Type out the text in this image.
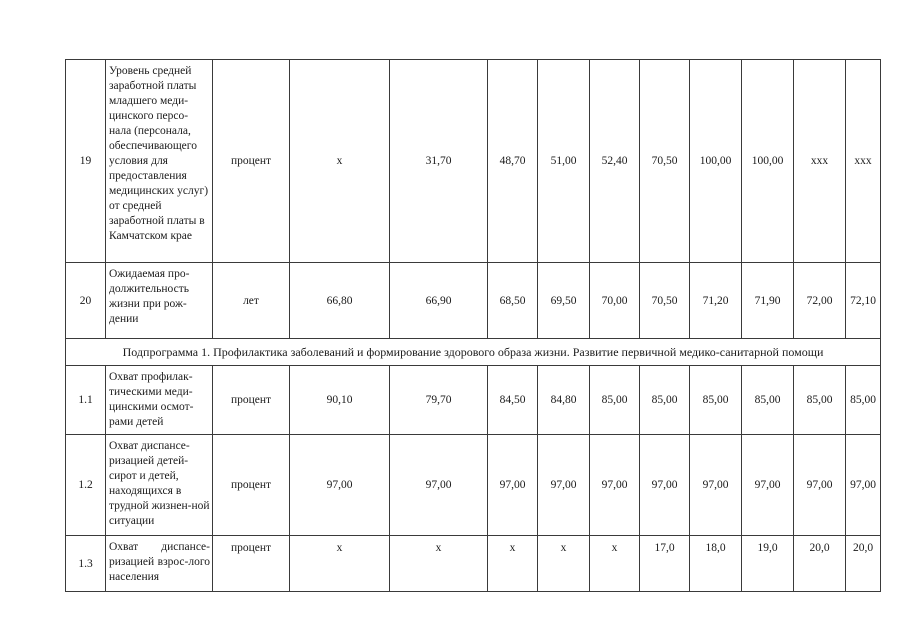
19	Уровень средней заработной платы младшего меди-цинского персо-нала (персонала, обеспечивающего условия для предоставления медицинских услуг) от средней заработной платы в Камчатском крае	процент	х	31,70	48,70	51,00	52,40	70,50	100,00	100,00	ххх	ххх
20	Ожидаемая про-должительность жизни при рож-дении	лет	66,80	66,90	68,50	69,50	70,00	70,50	71,20	71,90	72,00	72,10
Подпрограмма 1. Профилактика заболеваний и формирование здорового образа жизни. Развитие первичной медико-санитарной помощи												
1.1	Охват профилак-тическими меди-цинскими осмот-рами детей	процент	90,10	79,70	84,50	84,80	85,00	85,00	85,00	85,00	85,00	85,00
1.2	Охват диспансе-ризацией детей-сирот и детей, находящихся в трудной жизнен-ной ситуации	процент	97,00	97,00	97,00	97,00	97,00	97,00	97,00	97,00	97,00	97,00
1.3	Охват диспансе-ризацией взрос-лого населения	процент	х	х	х	х	х	17,0	18,0	19,0	20,0	20,0
